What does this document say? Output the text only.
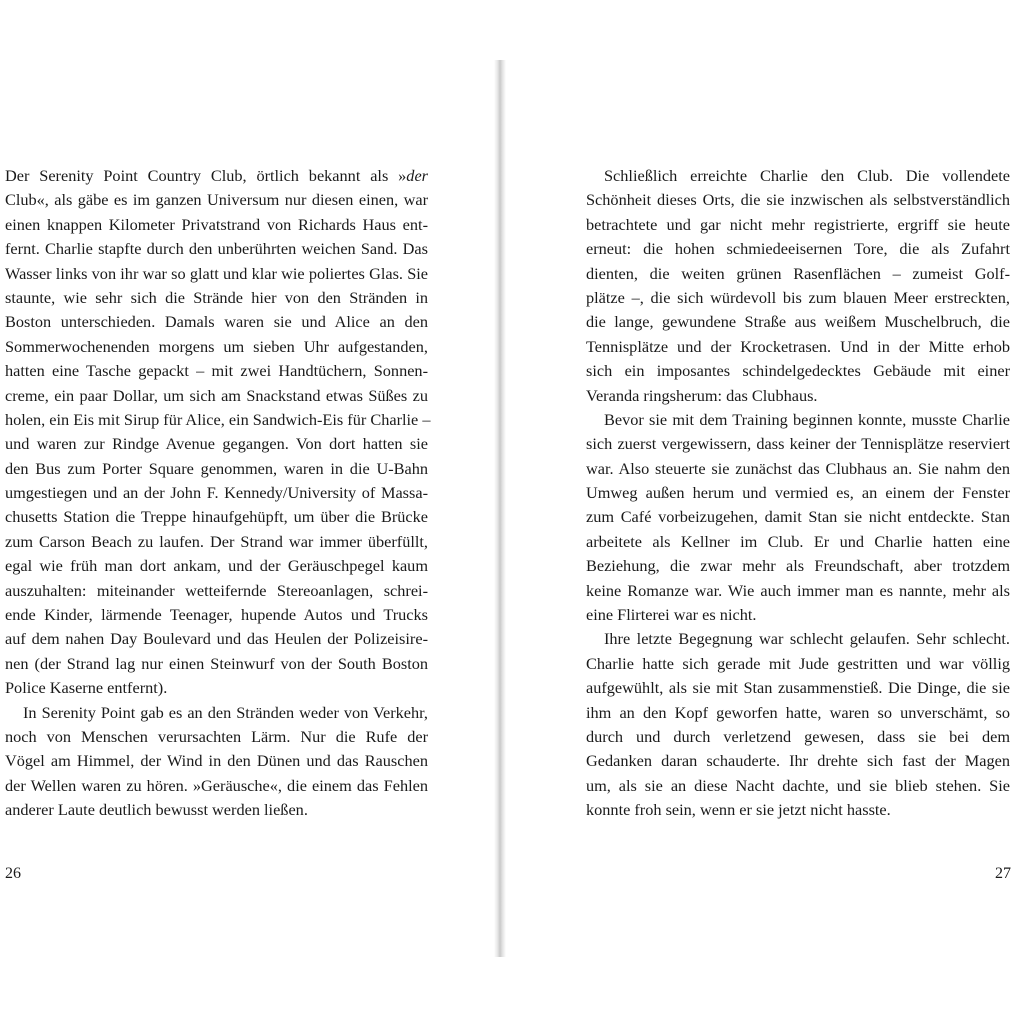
Der Serenity Point Country Club, örtlich bekannt als »der
Club«, als gäbe es im ganzen Universum nur diesen einen, war
einen knappen Kilometer Privatstrand von Richards Haus ent-
fernt. Charlie stapfte durch den unberührten weichen Sand. Das
Wasser links von ihr war so glatt und klar wie poliertes Glas. Sie
staunte, wie sehr sich die Strände hier von den Stränden in
Boston unterschieden. Damals waren sie und Alice an den
Sommerwochenenden morgens um sieben Uhr aufgestanden,
hatten eine Tasche gepackt – mit zwei Handtüchern, Sonnen-
creme, ein paar Dollar, um sich am Snackstand etwas Süßes zu
holen, ein Eis mit Sirup für Alice, ein Sandwich-Eis für Charlie –
und waren zur Rindge Avenue gegangen. Von dort hatten sie
den Bus zum Porter Square genommen, waren in die U-Bahn
umgestiegen und an der John F. Kennedy/University of Massa-
chusetts Station die Treppe hinaufgehüpft, um über die Brücke
zum Carson Beach zu laufen. Der Strand war immer überfüllt,
egal wie früh man dort ankam, und der Geräuschpegel kaum
auszuhalten: miteinander wetteifernde Stereoanlagen, schrei-
ende Kinder, lärmende Teenager, hupende Autos und Trucks
auf dem nahen Day Boulevard und das Heulen der Polizeisire-
nen (der Strand lag nur einen Steinwurf von der South Boston
Police Kaserne entfernt).
In Serenity Point gab es an den Stränden weder von Verkehr,
noch von Menschen verursachten Lärm. Nur die Rufe der
Vögel am Himmel, der Wind in den Dünen und das Rauschen
der Wellen waren zu hören. »Geräusche«, die einem das Fehlen
anderer Laute deutlich bewusst werden ließen.
26
Schließlich erreichte Charlie den Club. Die vollendete
Schönheit dieses Orts, die sie inzwischen als selbstverständlich
betrachtete und gar nicht mehr registrierte, ergriff sie heute
erneut: die hohen schmiedeeisernen Tore, die als Zufahrt
dienten, die weiten grünen Rasenflächen – zumeist Golf-
plätze –, die sich würdevoll bis zum blauen Meer erstreckten,
die lange, gewundene Straße aus weißem Muschelbruch, die
Tennisplätze und der Krocketrasen. Und in der Mitte erhob
sich ein imposantes schindelgedecktes Gebäude mit einer
Veranda ringsherum: das Clubhaus.
Bevor sie mit dem Training beginnen konnte, musste Charlie
sich zuerst vergewissern, dass keiner der Tennisplätze reserviert
war. Also steuerte sie zunächst das Clubhaus an. Sie nahm den
Umweg außen herum und vermied es, an einem der Fenster
zum Café vorbeizugehen, damit Stan sie nicht entdeckte. Stan
arbeitete als Kellner im Club. Er und Charlie hatten eine
Beziehung, die zwar mehr als Freundschaft, aber trotzdem
keine Romanze war. Wie auch immer man es nannte, mehr als
eine Flirterei war es nicht.
Ihre letzte Begegnung war schlecht gelaufen. Sehr schlecht.
Charlie hatte sich gerade mit Jude gestritten und war völlig
aufgewühlt, als sie mit Stan zusammenstieß. Die Dinge, die sie
ihm an den Kopf geworfen hatte, waren so unverschämt, so
durch und durch verletzend gewesen, dass sie bei dem
Gedanken daran schauderte. Ihr drehte sich fast der Magen
um, als sie an diese Nacht dachte, und sie blieb stehen. Sie
konnte froh sein, wenn er sie jetzt nicht hasste.
27
